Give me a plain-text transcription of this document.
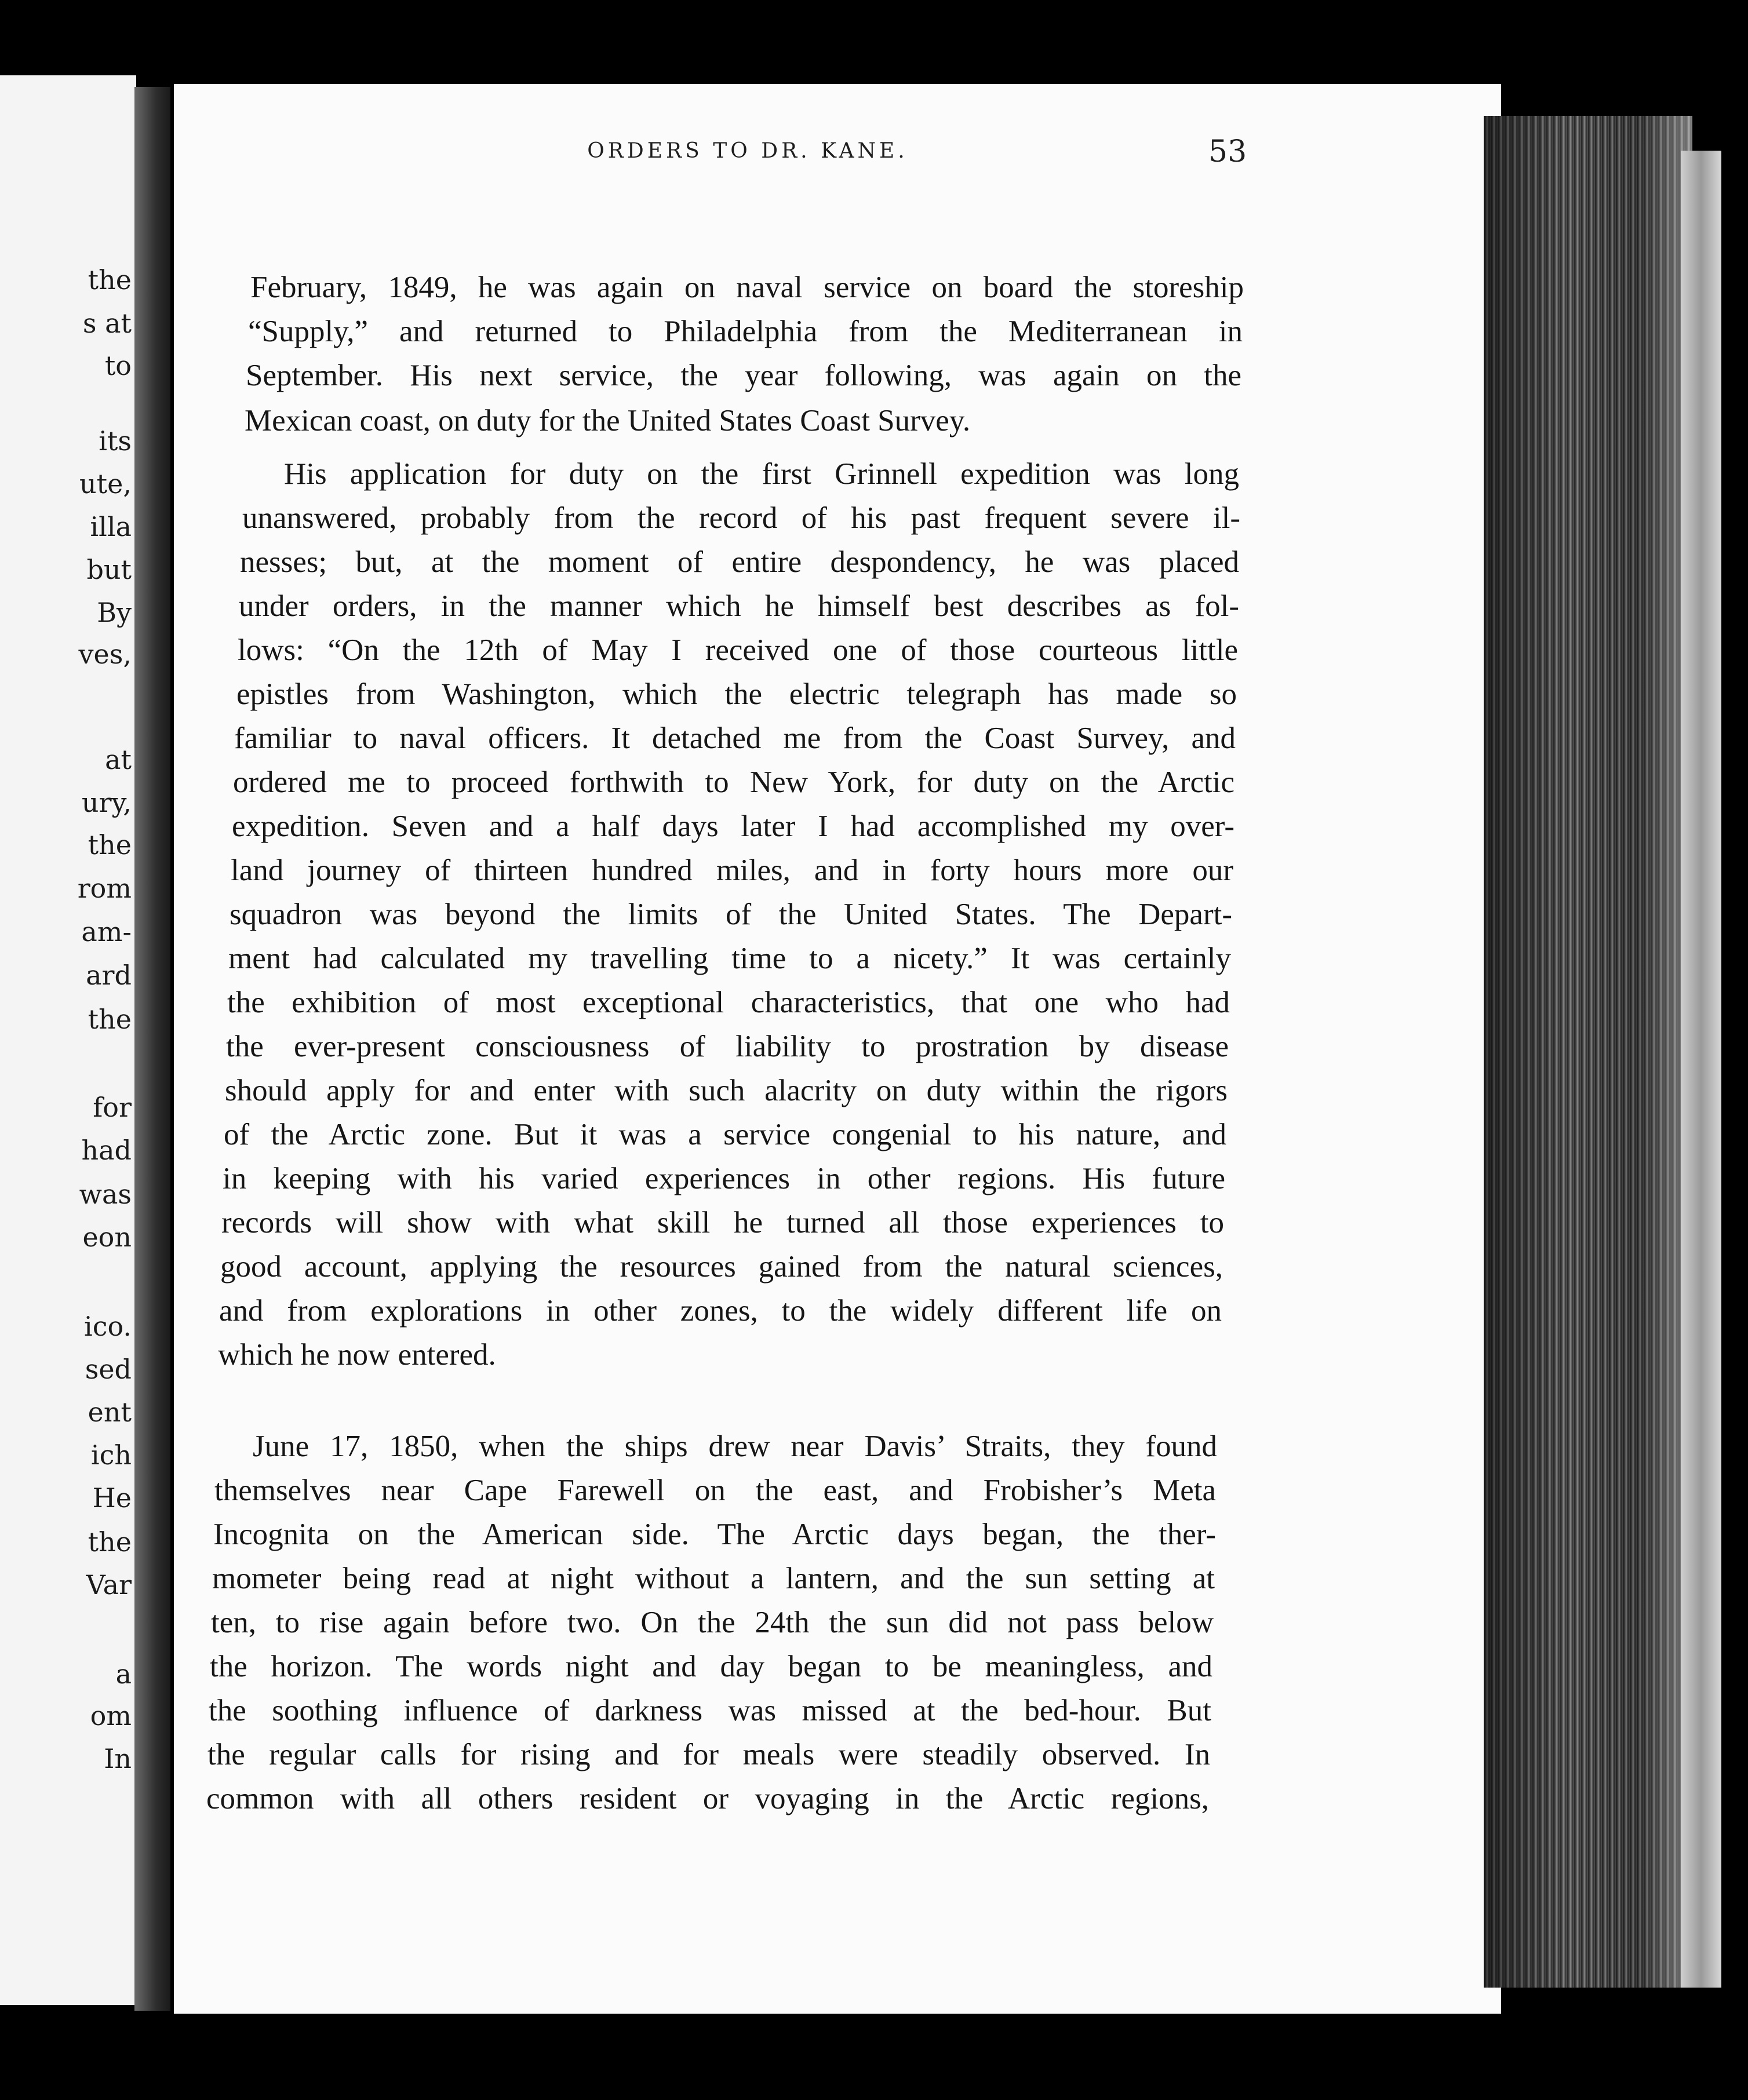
the
s at
to
its
ute,
illa
but
By
ves,
at
ury,
the
rom
am-
ard
the
for
had
was
eon
ico.
sed
ent
ich
He
the
Var
a
om
In
ORDERS TO DR. KANE.	53
February, 1849, he was again on naval service on board the storeship
“Supply,” and returned to Philadelphia from the Mediterranean in
September. His next service, the year following, was again on the
Mexican coast, on duty for the United States Coast Survey.
His application for duty on the first Grinnell expedition was long
unanswered, probably from the record of his past frequent severe il-
nesses; but, at the moment of entire despondency, he was placed
under orders, in the manner which he himself best describes as fol-
lows: “On the 12th of May I received one of those courteous little
epistles from Washington, which the electric telegraph has made so
familiar to naval officers. It detached me from the Coast Survey, and
ordered me to proceed forthwith to New York, for duty on the Arctic
expedition. Seven and a half days later I had accomplished my over-
land journey of thirteen hundred miles, and in forty hours more our
squadron was beyond the limits of the United States. The Depart-
ment had calculated my travelling time to a nicety.” It was certainly
the exhibition of most exceptional characteristics, that one who had
the ever-present consciousness of liability to prostration by disease
should apply for and enter with such alacrity on duty within the rigors
of the Arctic zone. But it was a service congenial to his nature, and
in keeping with his varied experiences in other regions. His future
records will show with what skill he turned all those experiences to
good account, applying the resources gained from the natural sciences,
and from explorations in other zones, to the widely different life on
which he now entered.
June 17, 1850, when the ships drew near Davis’ Straits, they found
themselves near Cape Farewell on the east, and Frobisher’s Meta
Incognita on the American side. The Arctic days began, the ther-
mometer being read at night without a lantern, and the sun setting at
ten, to rise again before two. On the 24th the sun did not pass below
the horizon. The words night and day began to be meaningless, and
the soothing influence of darkness was missed at the bed-hour. But
the regular calls for rising and for meals were steadily observed. In
common with all others resident or voyaging in the Arctic regions,
